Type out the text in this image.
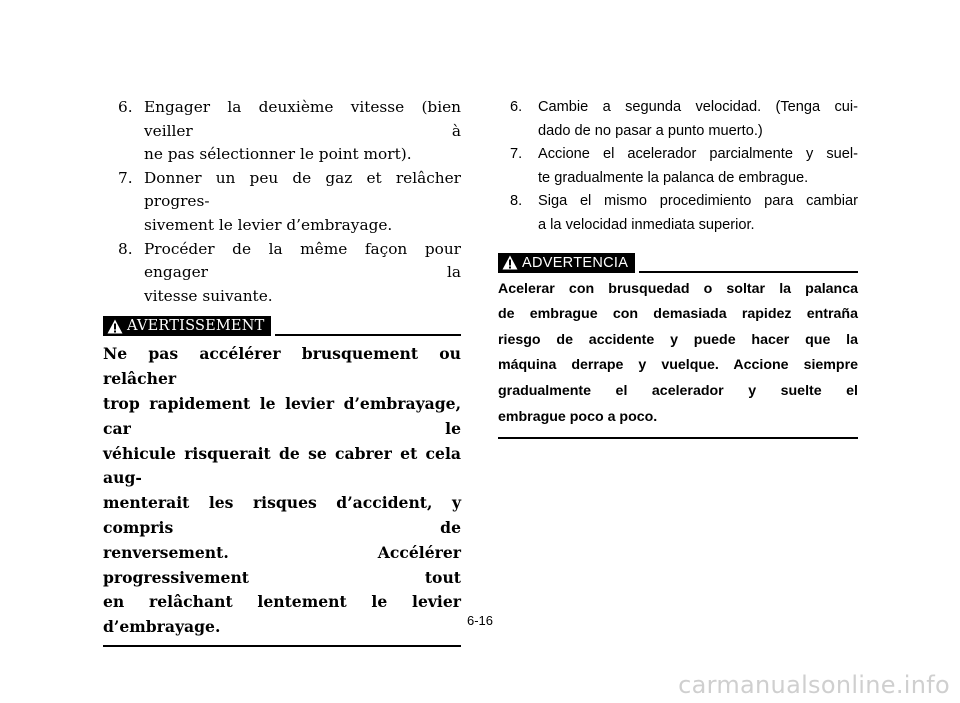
6. Engager la deuxième vitesse (bien veiller à
ne pas sélectionner le point mort).
7. Donner un peu de gaz et relâcher progres-
sivement le levier d’embrayage.
8. Procéder de la même façon pour engager la
vitesse suivante.
AVERTISSEMENT
Ne pas accélérer brusquement ou relâcher
trop rapidement le levier d’embrayage, car le
véhicule risquerait de se cabrer et cela aug-
menterait les risques d’accident, y compris de
renversement. Accélérer progressivement tout
en relâchant lentement le levier d’embrayage.
6.	Cambie a segunda velocidad. (Tenga cui-
dado de no pasar a punto muerto.)
7.	Accione el acelerador parcialmente y suel-
te gradualmente la palanca de embrague.
8.	Siga el mismo procedimiento para cambiar
a la velocidad inmediata superior.
ADVERTENCIA
Acelerar con brusquedad o soltar la palanca
de embrague con demasiada rapidez entraña
riesgo de accidente y puede hacer que la
máquina derrape y vuelque. Accione siempre
gradualmente el acelerador y suelte el
embrague poco a poco.
6-16
carmanualsonline.info
